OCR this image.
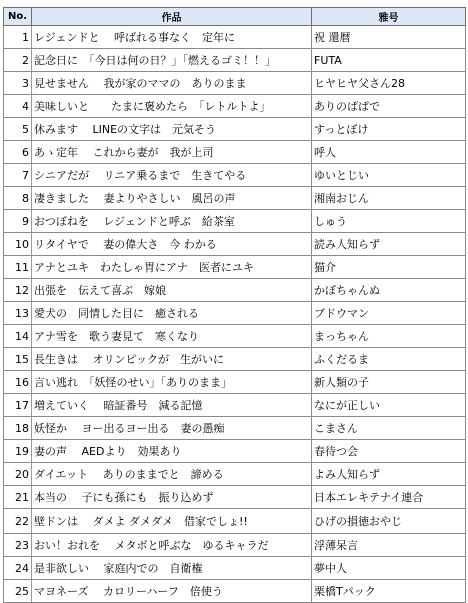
No.	作品	雅号
1	レジェンドと　 呼ばれる事なく　定年に	祝 還暦
2	記念日に　「今日は何の日？」「燃えるゴミ！！」	FUTA
3	見せません　 我が家のママの　ありのまま	ヒヤヒヤ父さん28
4	美味しいと　　たまに褒めたら　「レトルトよ」	ありのぱぱで
5	休みます　 LINEの文字は　元気そう	すっとぼけ
6	あゝ定年　 これから妻が　我が上司	呼人
7	シニアだが　 リニア乗るまで　生きてやる	ゆいとじい
8	凄きました　 妻よりやさしい　風呂の声	湘南おじん
9	おつぼねを　 レジェンドと呼ぶ　給茶室	しゅう
10	リタイヤで　 妻の偉大さ　今 わかる	読み人知らず
11	アナとユキ　わたしゃ胃にアナ　医者にユキ	猫介
12	出張を　伝えて喜ぶ　嫁娘	かぼちゃんぬ
13	愛犬の　同情した目に　癒される	ブドウマン
14	アナ雪を　歌う妻見て　寒くなり	まっちゃん
15	長生きは　 オリンピックが　生がいに	ふくだるま
16	言い逃れ　「妖怪のせい」「ありのまま」	新人類の子
17	増えていく　 暗証番号　減る記憶	なにが正しい
18	妖怪か　 ヨー出るヨー出る　妻の愚痴	こまさん
19	妻の声　 AEDより　効果あり	春待つ会
20	ダイエット　 ありのままでと　諦める	よみ人知らず
21	本当の　 子にも孫にも　振り込めず	日本エレキテナイ連合
22	壁ドンは　 ダメよ ダメダメ　借家でしょ!!	ひげの損徳おやじ
23	おい！おれを　 メタボと呼ぶな　ゆるキャラだ	浮薄呆言
24	是非欲しい　 家庭内での　自衛権	夢中人
25	マヨネーズ　 カロリーハーフ　倍使う	栗橋Tパック
